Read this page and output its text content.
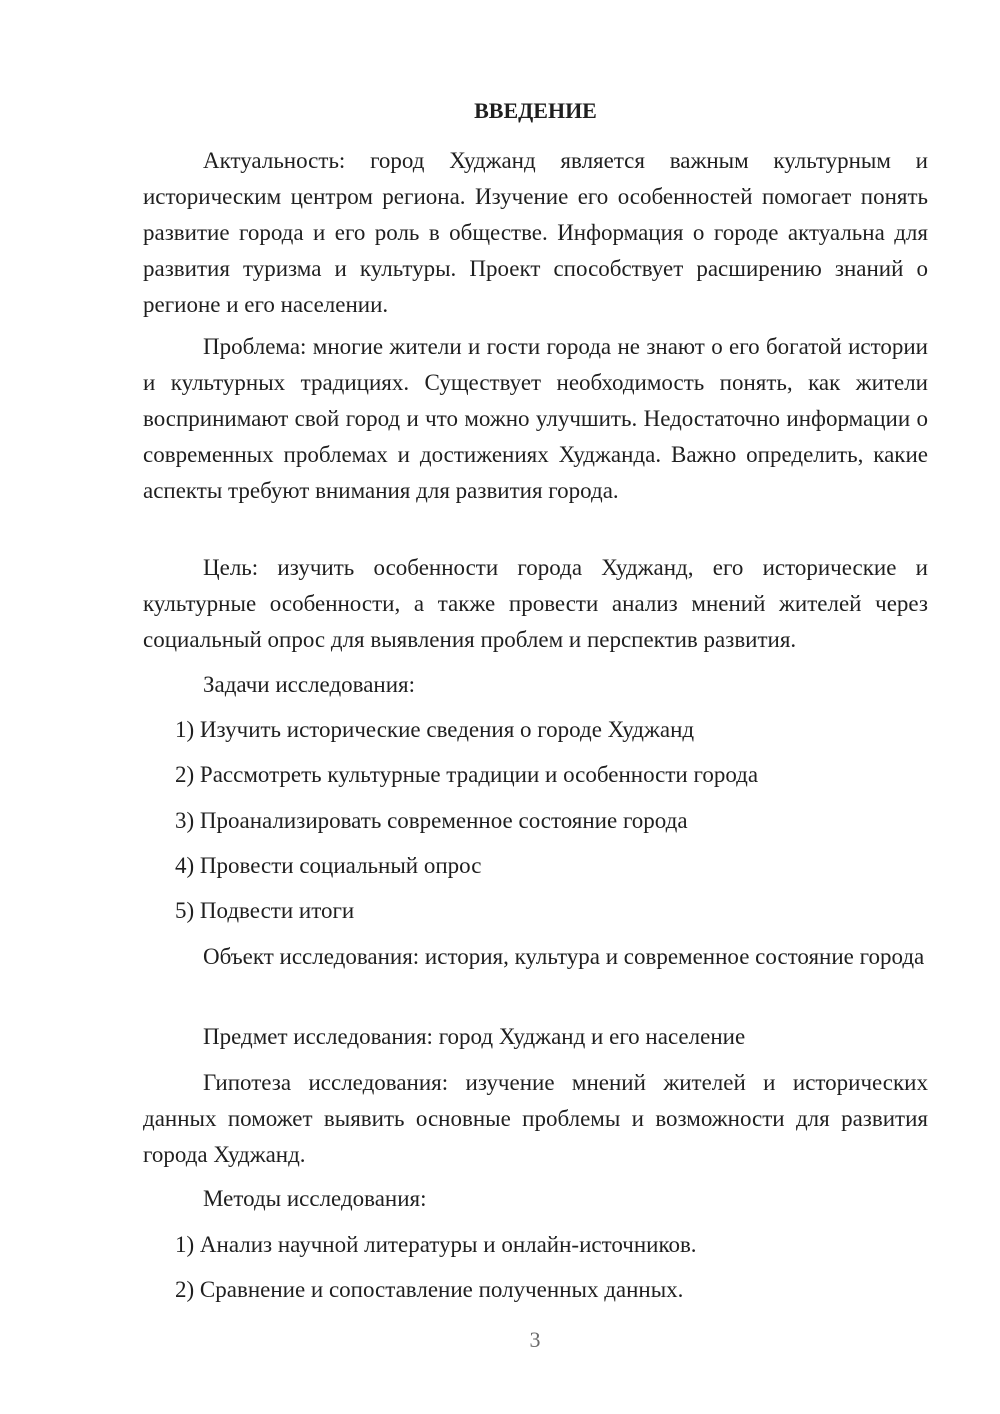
ВВЕДЕНИЕ

Актуальность: город Худжанд является важным культурным и историческим центром региона. Изучение его особенностей помогает понять развитие города и его роль в обществе. Информация о городе актуальна для развития туризма и культуры. Проект способствует расширению знаний о регионе и его населении.

Проблема: многие жители и гости города не знают о его богатой истории и культурных традициях. Существует необходимость понять, как жители воспринимают свой город и что можно улучшить. Недостаточно информации о современных проблемах и достижениях Худжанда. Важно определить, какие аспекты требуют внимания для развития города.

Цель: изучить особенности города Худжанд, его исторические и культурные особенности, а также провести анализ мнений жителей через социальный опрос для выявления проблем и перспектив развития.

Задачи исследования:

1) Изучить исторические сведения о городе Худжанд

2) Рассмотреть культурные традиции и особенности города

3) Проанализировать современное состояние города

4) Провести социальный опрос

5) Подвести итоги

Объект исследования: история, культура и современное состояние города

Предмет исследования: город Худжанд и его население

Гипотеза исследования: изучение мнений жителей и исторических данных поможет выявить основные проблемы и возможности для развития города Худжанд.

Методы исследования:

1) Анализ научной литературы и онлайн-источников.

2) Сравнение и сопоставление полученных данных.

3
